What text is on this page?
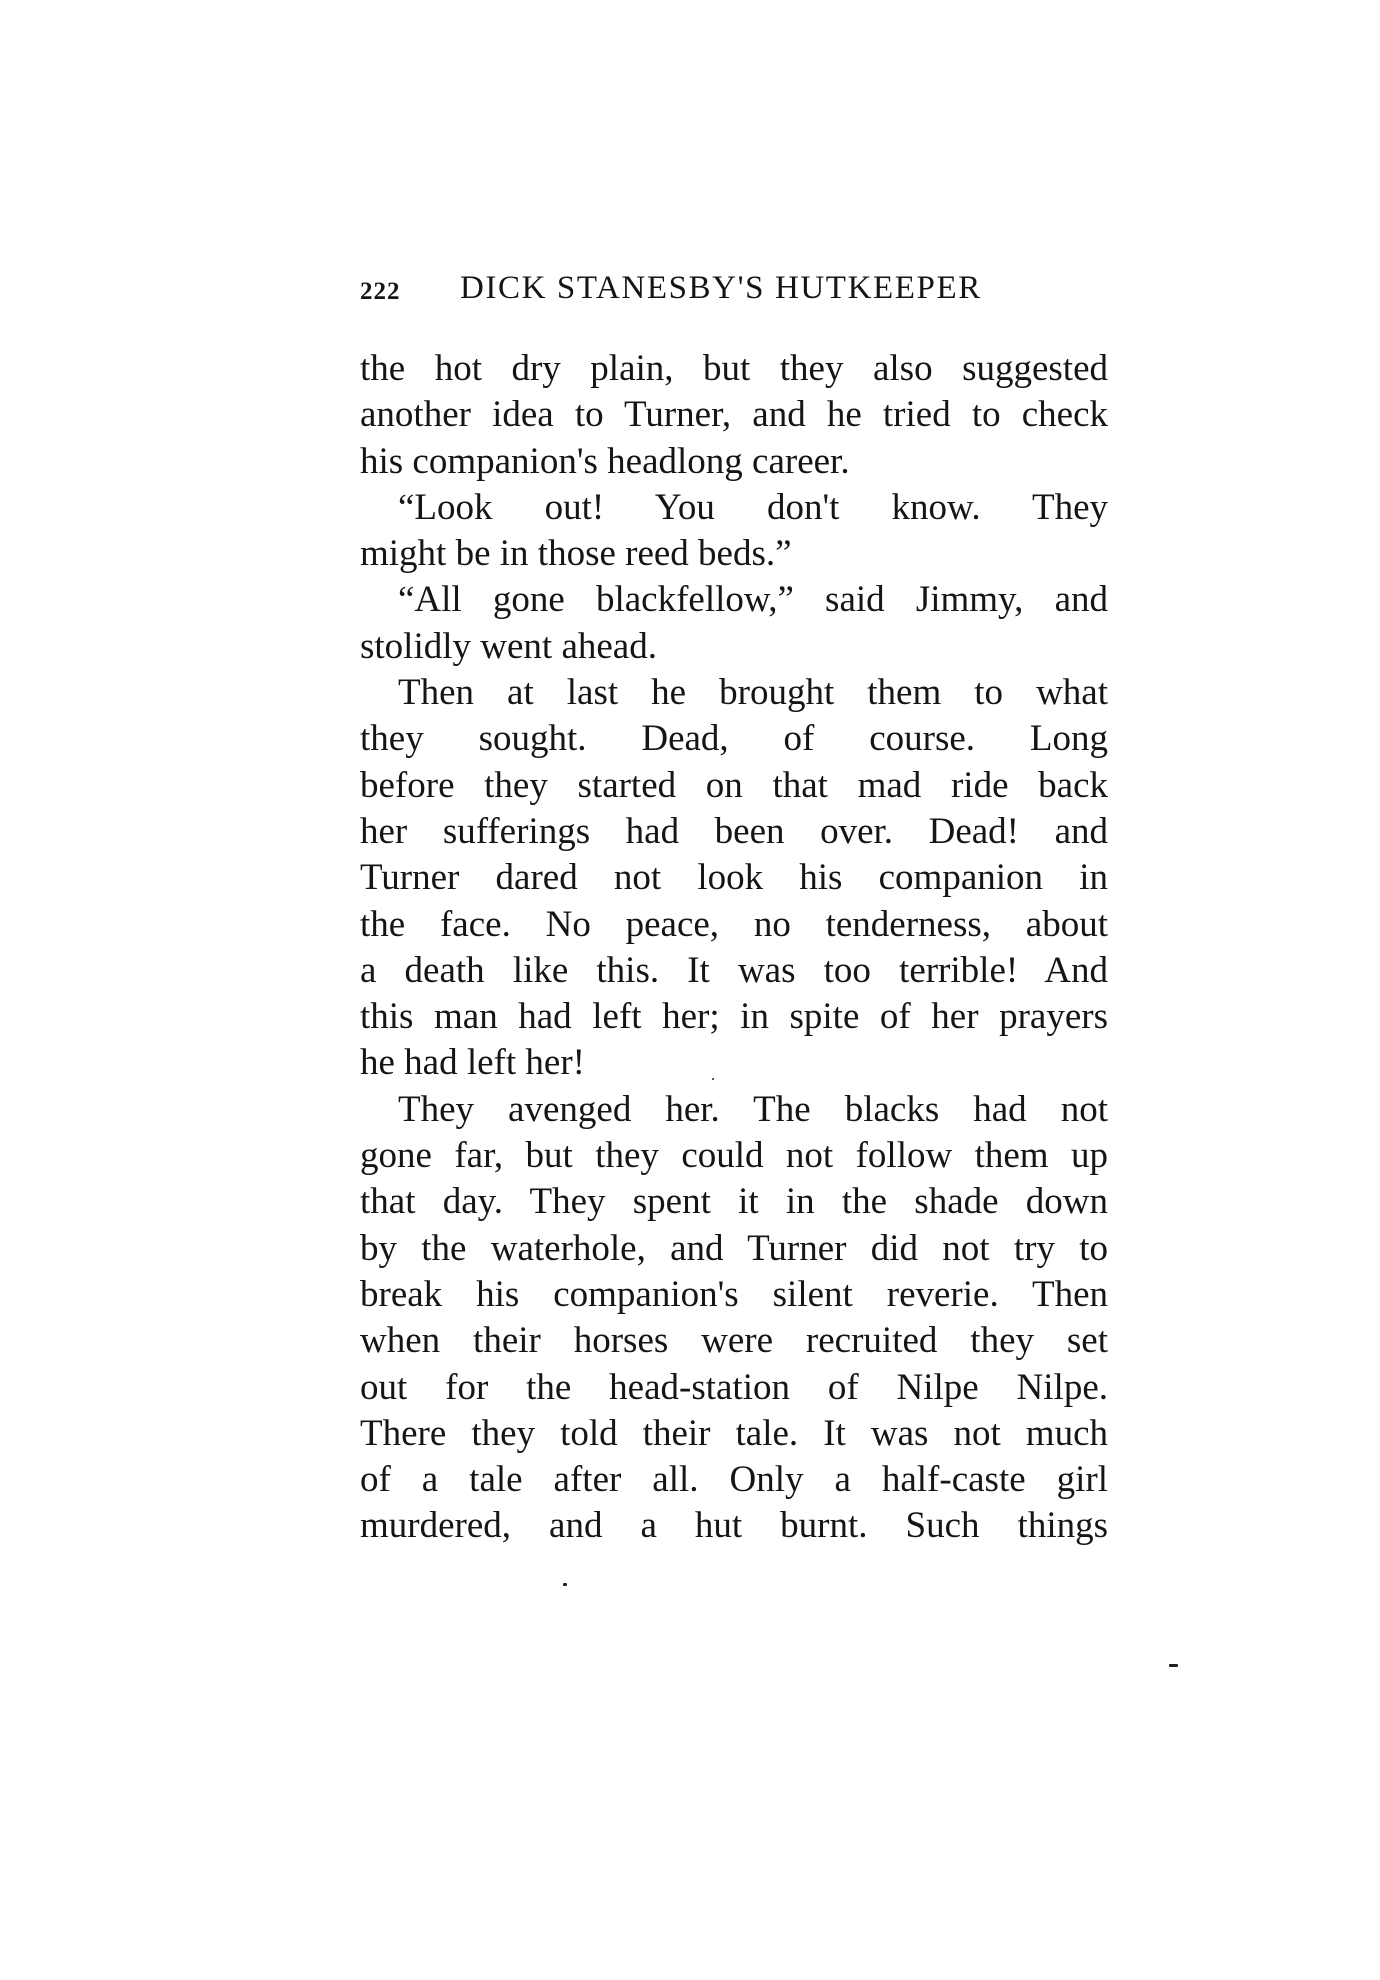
222 DICK STANESBY'S HUTKEEPER
the hot dry plain, but they also suggested
another idea to Turner, and he tried to check
his companion's headlong career.
“Look out! You don't know. They
might be in those reed beds.”
“All gone blackfellow,” said Jimmy, and
stolidly went ahead.
Then at last he brought them to what
they sought. Dead, of course. Long
before they started on that mad ride back
her sufferings had been over. Dead! and
Turner dared not look his companion in
the face. No peace, no tenderness, about
a death like this. It was too terrible! And
this man had left her; in spite of her prayers
he had left her!
They avenged her. The blacks had not
gone far, but they could not follow them up
that day. They spent it in the shade down
by the waterhole, and Turner did not try to
break his companion's silent reverie. Then
when their horses were recruited they set
out for the head-station of Nilpe Nilpe.
There they told their tale. It was not much
of a tale after all. Only a half-caste girl
murdered, and a hut burnt. Such things
